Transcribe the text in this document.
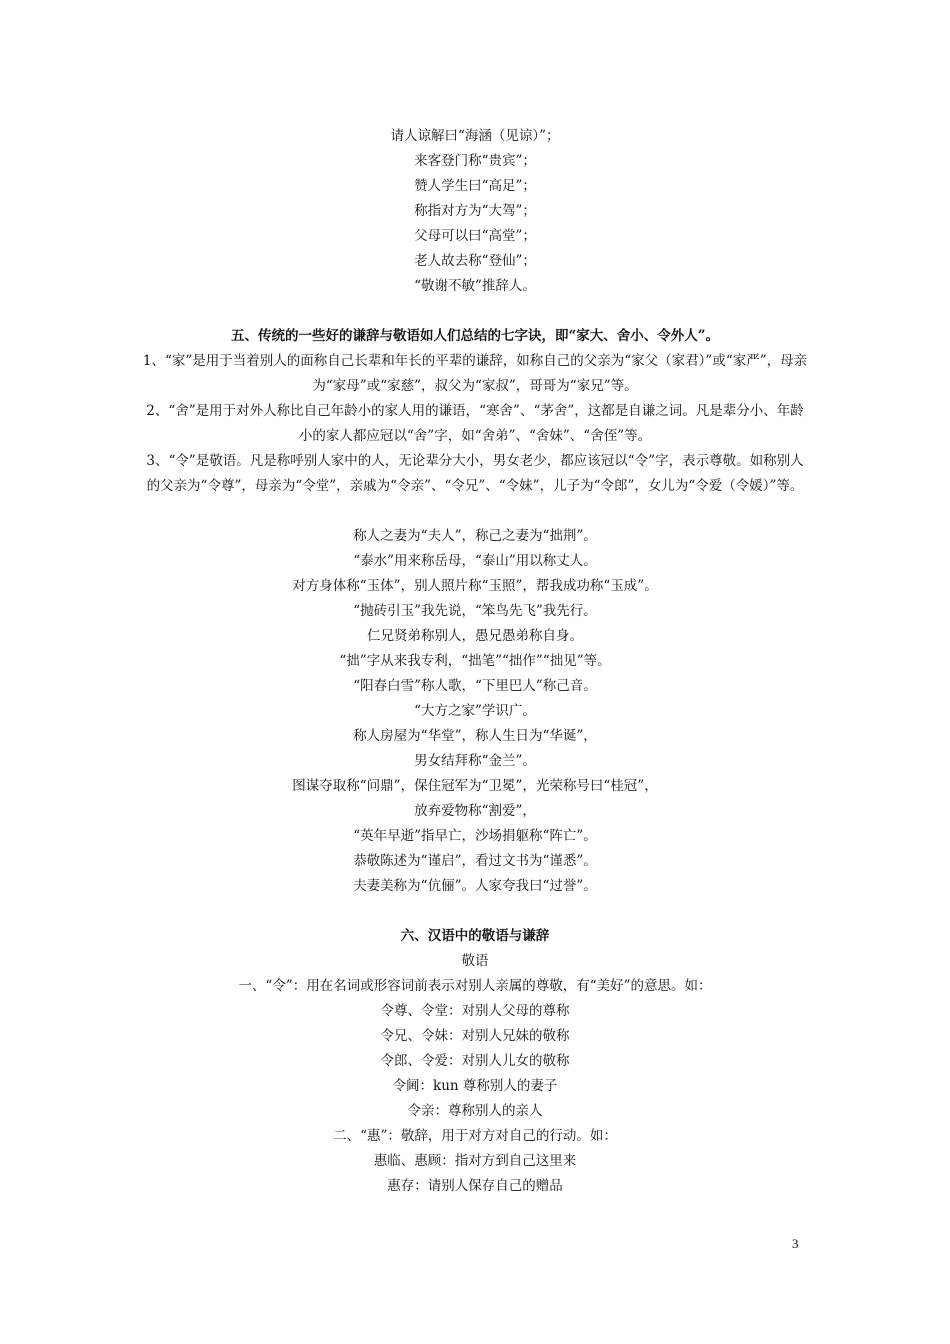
请人谅解曰“海涵（见谅）”；
来客登门称“贵宾”；
赞人学生曰“高足”；
称指对方为“大驾”；
父母可以曰“高堂”；
老人故去称“登仙”；
“敬谢不敏”推辞人。
五、传统的一些好的谦辞与敬语如人们总结的七字诀，即“家大、舍小、令外人”。
1、“家”是用于当着别人的面称自己长辈和年长的平辈的谦辞，如称自己的父亲为“家父（家君）”或“家严”，母亲为“家母”或“家慈”，叔父为“家叔”，哥哥为“家兄”等。
2、“舍”是用于对外人称比自己年龄小的家人用的谦语，“寒舍”、“茅舍”，这都是自谦之词。凡是辈分小、年龄小的家人都应冠以“舍”字，如“舍弟”、“舍妹”、“舍侄”等。
3、“令”是敬语。凡是称呼别人家中的人，无论辈分大小，男女老少，都应该冠以“令”字，表示尊敬。如称别人的父亲为“令尊”，母亲为“令堂”，亲戚为“令亲”、“令兄”、“令妹”，儿子为“令郎”，女儿为“令爱（令媛）”等。
称人之妻为“夫人”，称己之妻为“拙荆”。
“泰水”用来称岳母，“泰山”用以称丈人。
对方身体称“玉体”，别人照片称“玉照”，帮我成功称“玉成”。
“抛砖引玉”我先说，“笨鸟先飞”我先行。
仁兄贤弟称别人，愚兄愚弟称自身。
“拙”字从来我专利，“拙笔”“拙作”“拙见”等。
“阳春白雪”称人歌，“下里巴人”称己音。
“大方之家”学识广。
称人房屋为“华堂”，称人生日为“华诞”，
男女结拜称“金兰”。
图谋夺取称“问鼎”，保住冠军为“卫冕”，光荣称号曰“桂冠”，
放弃爱物称“割爱”，
“英年早逝”指早亡，沙场捐躯称“阵亡”。
恭敬陈述为“谨启”，看过文书为“谨悉”。
夫妻美称为“伉俪”。人家夸我曰“过誉”。
六、汉语中的敬语与谦辞
敬语
一、“令”：用在名词或形容词前表示对别人亲属的尊敬，有“美好”的意思。如：
令尊、令堂：对别人父母的尊称
令兄、令妹：对别人兄妹的敬称
令郎、令爱：对别人儿女的敬称
令阃：kun 尊称别人的妻子
令亲：尊称别人的亲人
二、“惠”：敬辞，用于对方对自己的行动。如：
惠临、惠顾：指对方到自己这里来
惠存：请别人保存自己的赠品
3
